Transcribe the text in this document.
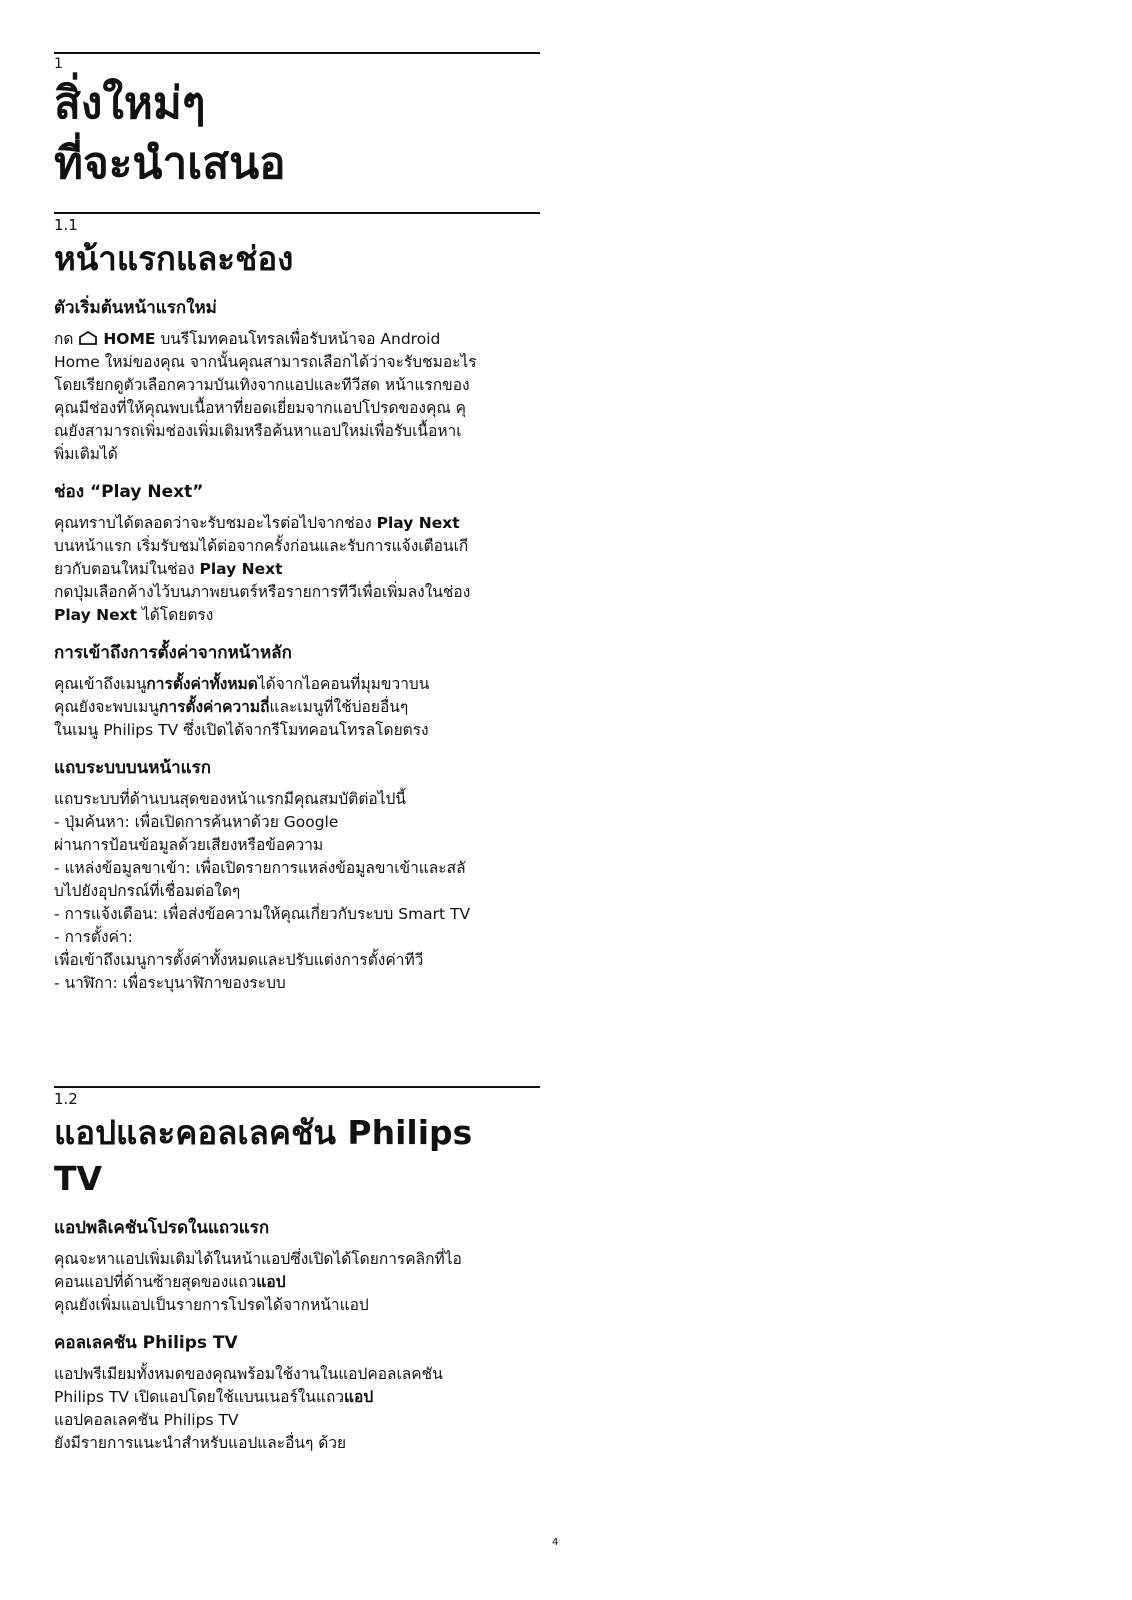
1
สิ่งใหม่ๆ
ที่จะนำเสนอ
1.1
หน้าแรกและช่อง
ตัวเริ่มต้นหน้าแรกใหม่

กด HOME บนรีโมทคอนโทรลเพื่อรับหน้าจอ Android
Home ใหม่ของคุณ จากนั้นคุณสามารถเลือกได้ว่าจะรับชมอะไร
โดยเรียกดูตัวเลือกความบันเทิงจากแอปและทีวีสด หน้าแรกของ
คุณมีช่องที่ให้คุณพบเนื้อหาที่ยอดเยี่ยมจากแอปโปรดของคุณ คุ
ณยังสามารถเพิ่มช่องเพิ่มเติมหรือค้นหาแอปใหม่เพื่อรับเนื้อหาเ
พิ่มเติมได้

ช่อง “Play Next”

คุณทราบได้ตลอดว่าจะรับชมอะไรต่อไปจากช่อง Play Next
บนหน้าแรก เริ่มรับชมได้ต่อจากครั้งก่อนและรับการแจ้งเตือนเกี
ยวกับตอนใหม่ในช่อง Play Next
กดปุ่มเลือกค้างไว้บนภาพยนตร์หรือรายการทีวีเพื่อเพิ่มลงในช่อง
Play Next ได้โดยตรง

การเข้าถึงการตั้งค่าจากหน้าหลัก

คุณเข้าถึงเมนูการตั้งค่าทั้งหมดได้จากไอคอนที่มุมขวาบน
คุณยังจะพบเมนูการตั้งค่าความถี่และเมนูที่ใช้บ่อยอื่นๆ
ในเมนู Philips TV ซึ่งเปิดได้จากรีโมทคอนโทรลโดยตรง

แถบระบบบนหน้าแรก
แถบระบบที่ด้านบนสุดของหน้าแรกมีคุณสมบัติต่อไปนี้
- ปุ่มค้นหา: เพื่อเปิดการค้นหาด้วย Google
ผ่านการป้อนข้อมูลด้วยเสียงหรือข้อความ
- แหล่งข้อมูลขาเข้า: เพื่อเปิดรายการแหล่งข้อมูลขาเข้าและสลั
บไปยังอุปกรณ์ที่เชื่อมต่อใดๆ
- การแจ้งเตือน: เพื่อส่งข้อความให้คุณเกี่ยวกับระบบ Smart TV
- การตั้งค่า:
เพื่อเข้าถึงเมนูการตั้งค่าทั้งหมดและปรับแต่งการตั้งค่าทีวี
- นาฬิกา: เพื่อระบุนาฬิกาของระบบ
1.2
แอปและคอลเลคชัน Philips
TV
แอปพลิเคชันโปรดในแถวแรก

คุณจะหาแอปเพิ่มเติมได้ในหน้าแอปซึ่งเปิดได้โดยการคลิกที่ไอ
คอนแอปที่ด้านซ้ายสุดของแถวแอป
คุณยังเพิ่มแอปเป็นรายการโปรดได้จากหน้าแอป

คอลเลคชัน Philips TV

แอปพรีเมียมทั้งหมดของคุณพร้อมใช้งานในแอปคอลเลคชัน
Philips TV เปิดแอปโดยใช้แบนเนอร์ในแถวแอป
แอปคอลเลคชัน Philips TV
ยังมีรายการแนะนำสำหรับแอปและอื่นๆ ด้วย

4
